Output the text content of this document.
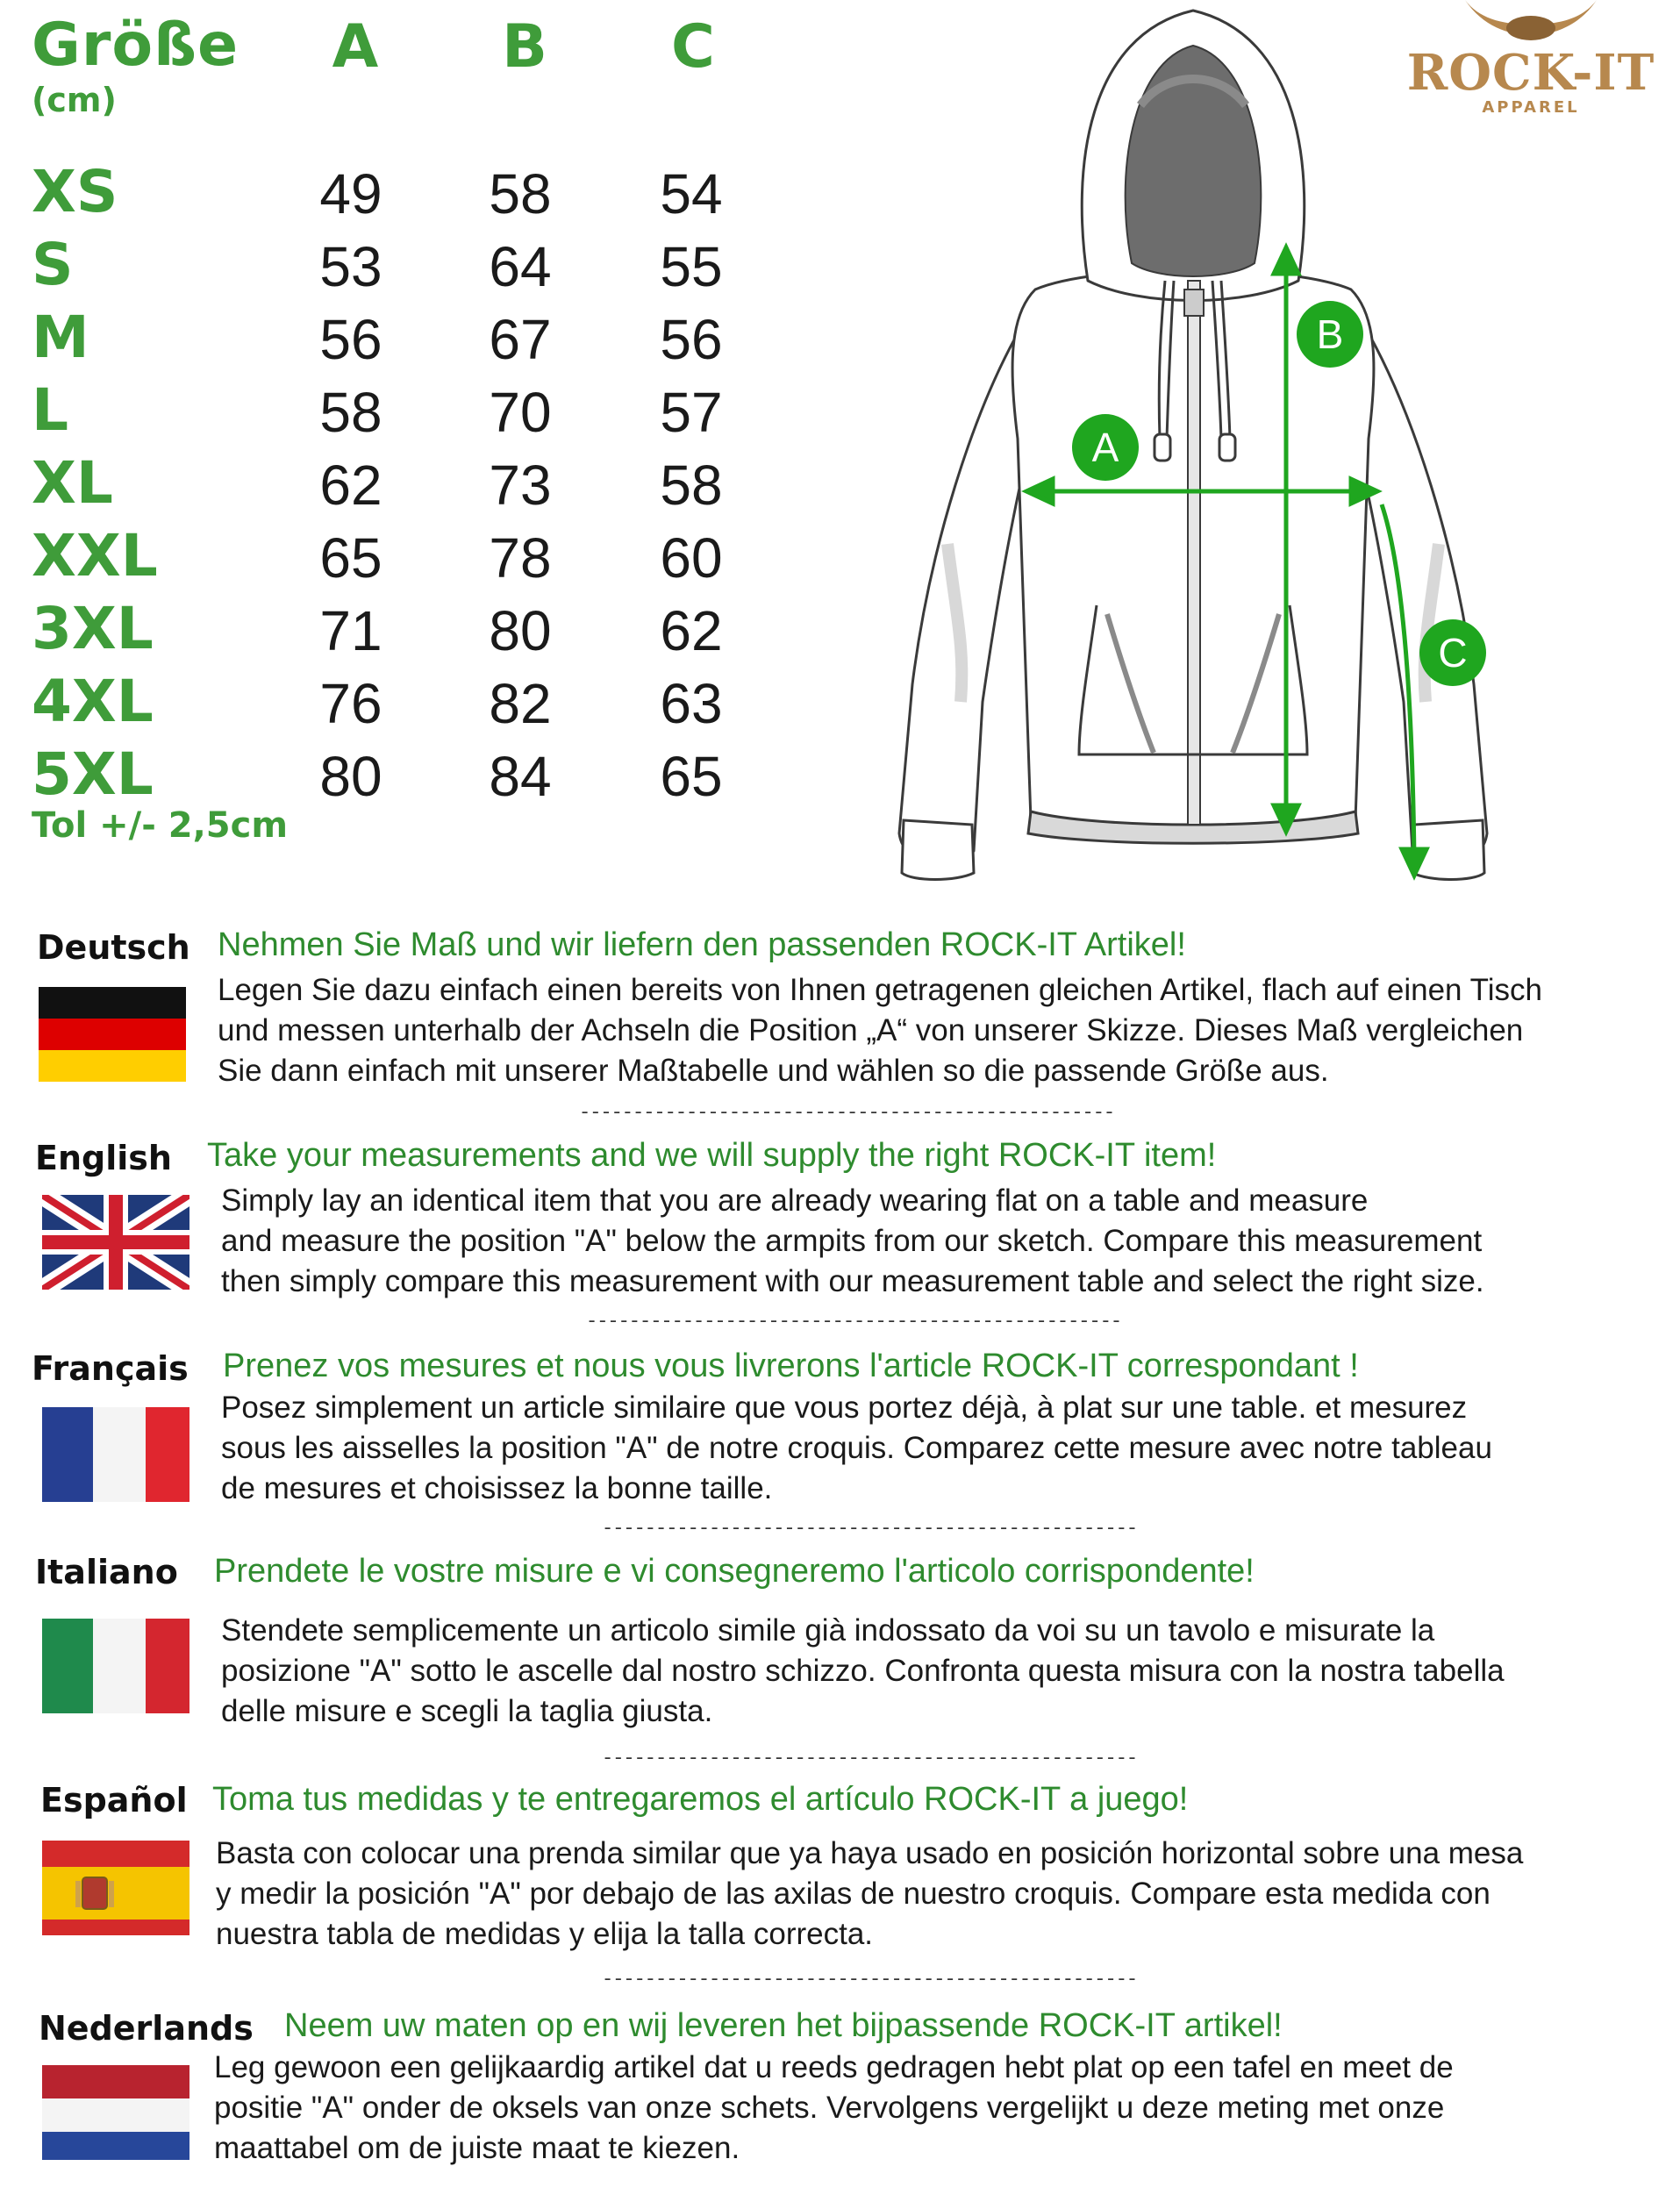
Größe
(cm)
A	B	C
XS	49	58	54
S	53	64	55
M	56	67	56
L	58	70	57
XL	62	73	58
XXL	65	78	60
3XL	71	80	62
4XL	76	82	63
5XL	80	84	65
Tol +/- 2,5cm
B
A
C
ROCK-IT
APPAREL
Deutsch Nehmen Sie Maß und wir liefern den passenden ROCK-IT Artikel!
Legen Sie dazu einfach einen bereits von Ihnen getragenen gleichen Artikel, flach auf einen Tisch
und messen unterhalb der Achseln die Position „A“ von unserer Skizze. Dieses Maß vergleichen
Sie dann einfach mit unserer Maßtabelle und wählen so die passende Größe aus.
--------------------------------------------------
English Take your measurements and we will supply the right ROCK-IT item!
Simply lay an identical item that you are already wearing flat on a table and measure
and measure the position "A" below the armpits from our sketch. Compare this measurement
then simply compare this measurement with our measurement table and select the right size.
--------------------------------------------------
Français Prenez vos mesures et nous vous livrerons l'article ROCK-IT correspondant !
Posez simplement un article similaire que vous portez déjà, à plat sur une table. et mesurez
sous les aisselles la position "A" de notre croquis. Comparez cette mesure avec notre tableau
de mesures et choisissez la bonne taille.
--------------------------------------------------
Italiano Prendete le vostre misure e vi consegneremo l'articolo corrispondente!
Stendete semplicemente un articolo simile già indossato da voi su un tavolo e misurate la
posizione "A" sotto le ascelle dal nostro schizzo. Confronta questa misura con la nostra tabella
delle misure e scegli la taglia giusta.
--------------------------------------------------
Español Toma tus medidas y te entregaremos el artículo ROCK-IT a juego!
Basta con colocar una prenda similar que ya haya usado en posición horizontal sobre una mesa
y medir la posición "A" por debajo de las axilas de nuestro croquis. Compare esta medida con
nuestra tabla de medidas y elija la talla correcta.
--------------------------------------------------
Nederlands Neem uw maten op en wij leveren het bijpassende ROCK-IT artikel!
Leg gewoon een gelijkaardig artikel dat u reeds gedragen hebt plat op een tafel en meet de
positie "A" onder de oksels van onze schets. Vervolgens vergelijkt u deze meting met onze
maattabel om de juiste maat te kiezen.
